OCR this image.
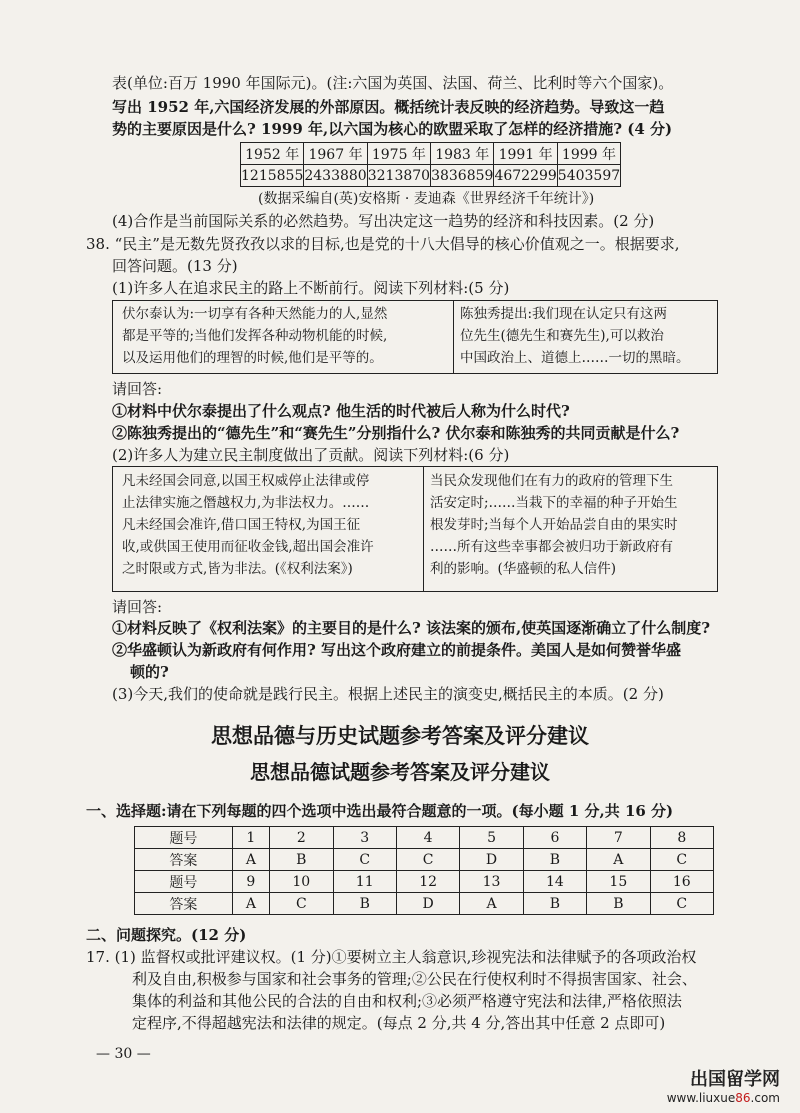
表(单位:百万 1990 年国际元)。(注:六国为英国、法国、荷兰、比利时等六个国家)。
写出 1952 年,六国经济发展的外部原因。概括统计表反映的经济趋势。导致这一趋
势的主要原因是什么? 1999 年,以六国为核心的欧盟采取了怎样的经济措施? (4 分)
1952 年	1967 年	1975 年	1983 年	1991 年	1999 年
1215855	2433880	3213870	3836859	4672299	5403597
(数据采编自(英)安格斯 · 麦迪森《世界经济千年统计》)
(4)合作是当前国际关系的必然趋势。写出决定这一趋势的经济和科技因素。(2 分)
38. “民主”是无数先贤孜孜以求的目标,也是党的十八大倡导的核心价值观之一。根据要求,
回答问题。(13 分)
(1)许多人在追求民主的路上不断前行。阅读下列材料:(5 分)
伏尔泰认为:一切享有各种天然能力的人,显然
都是平等的;当他们发挥各种动物机能的时候,
以及运用他们的理智的时候,他们是平等的。
陈独秀提出:我们现在认定只有这两
位先生(德先生和赛先生),可以救治
中国政治上、道德上……一切的黑暗。
请回答:
①材料中伏尔泰提出了什么观点? 他生活的时代被后人称为什么时代?
②陈独秀提出的“德先生”和“赛先生”分别指什么? 伏尔泰和陈独秀的共同贡献是什么?
(2)许多人为建立民主制度做出了贡献。阅读下列材料:(6 分)
凡未经国会同意,以国王权威停止法律或停
止法律实施之僭越权力,为非法权力。……
凡未经国会准许,借口国王特权,为国王征
收,或供国王使用而征收金钱,超出国会准许
之时限或方式,皆为非法。(《权利法案》)
当民众发现他们在有力的政府的管理下生
活安定时;……当栽下的幸福的种子开始生
根发芽时;当每个人开始品尝自由的果实时
……所有这些幸事都会被归功于新政府有
利的影响。(华盛顿的私人信件)
请回答:
①材料反映了《权利法案》的主要目的是什么? 该法案的颁布,使英国逐渐确立了什么制度?
②华盛顿认为新政府有何作用? 写出这个政府建立的前提条件。美国人是如何赞誉华盛
顿的?
(3)今天,我们的使命就是践行民主。根据上述民主的演变史,概括民主的本质。(2 分)
思想品德与历史试题参考答案及评分建议
思想品德试题参考答案及评分建议
一、选择题:请在下列每题的四个选项中选出最符合题意的一项。(每小题 1 分,共 16 分)
题号	1	2	3	4	5	6	7	8
答案	A	B	C	C	D	B	A	C
题号	9	10	11	12	13	14	15	16
答案	A	C	B	D	A	B	B	C
二、问题探究。(12 分)
17. (1) 监督权或批评建议权。(1 分)①要树立主人翁意识,珍视宪法和法律赋予的各项政治权
利及自由,积极参与国家和社会事务的管理;②公民在行使权利时不得损害国家、社会、
集体的利益和其他公民的合法的自由和权利;③必须严格遵守宪法和法律,严格依照法
定程序,不得超越宪法和法律的规定。(每点 2 分,共 4 分,答出其中任意 2 点即可)
— 30 —
出国留学网
www.liuxue86.com
